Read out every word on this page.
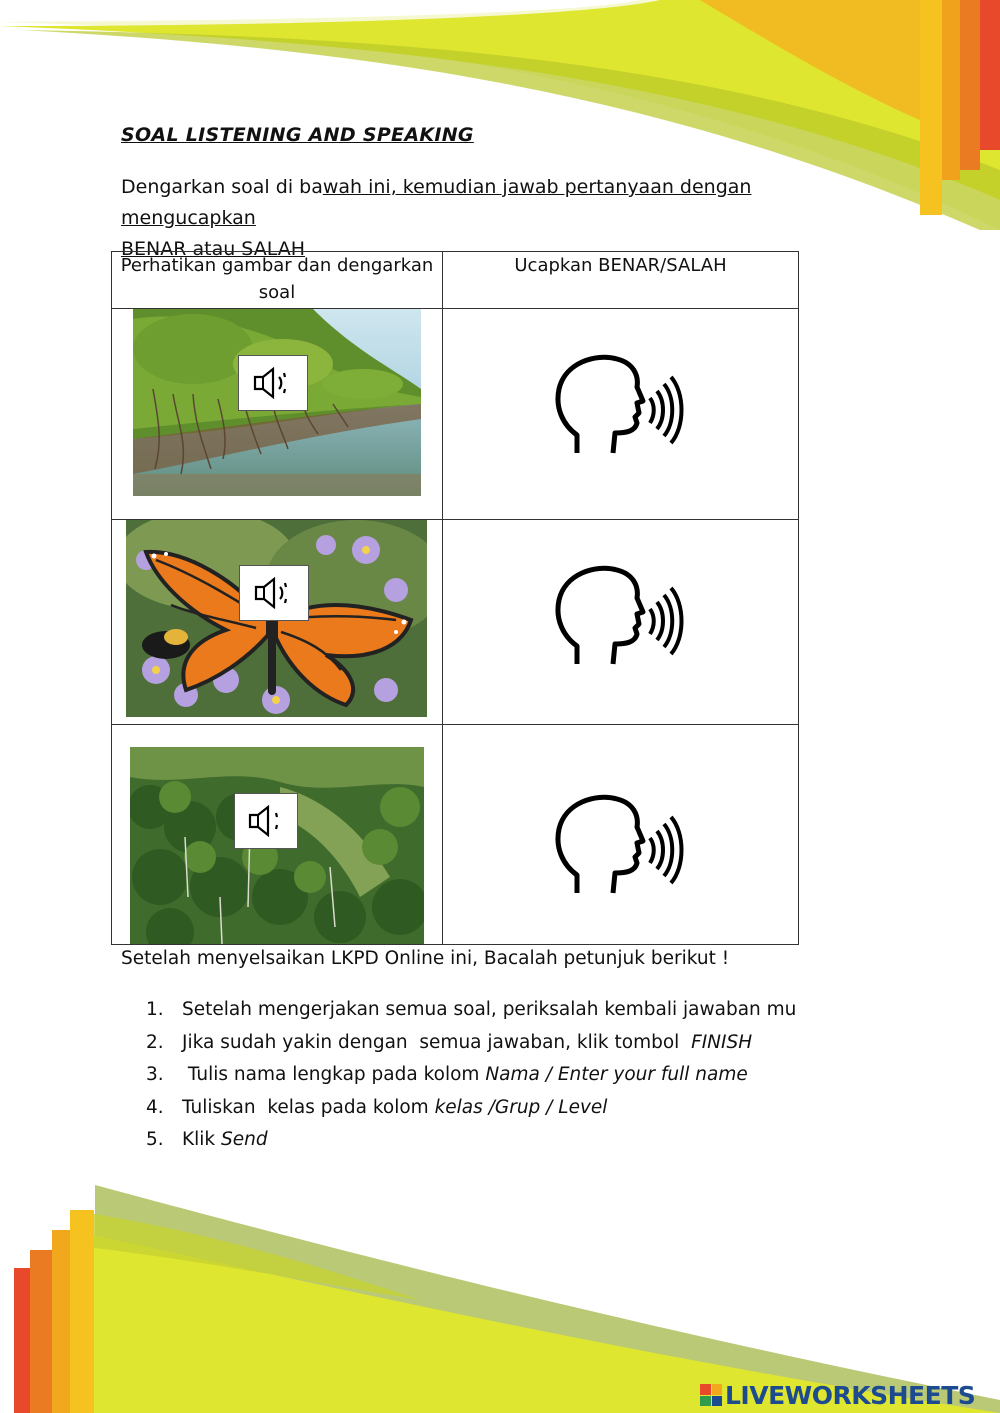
SOAL LISTENING AND SPEAKING
Dengarkan soal di bawah ini, kemudian jawab pertanyaan dengan mengucapkan
BENAR atau SALAH
Perhatikan gambar dan dengarkan soal	Ucapkan BENAR/SALAH

Setelah menyelsaikan LKPD Online ini, Bacalah petunjuk berikut !
1. Setelah mengerjakan semua soal, periksalah kembali jawaban mu
2. Jika sudah yakin dengan  semua jawaban, klik tombol  FINISH
3. Tulis nama lengkap pada kolom Nama / Enter your full name
4. Tuliskan  kelas pada kolom kelas /Grup / Level
5. Klik Send
LIVEWORKSHEETS
